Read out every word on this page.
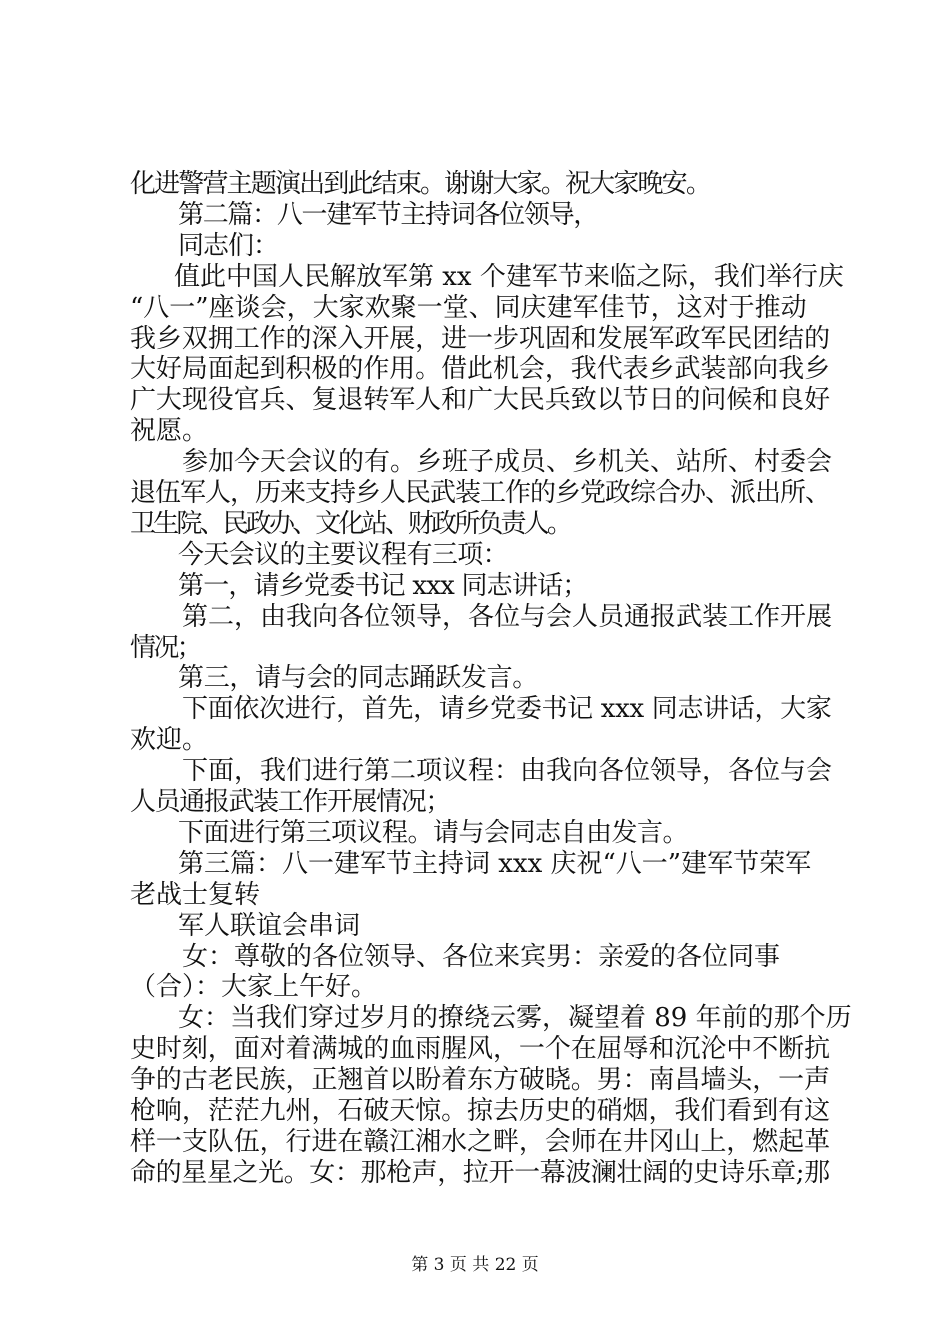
化进警营主题演出到此结束。谢谢大家。祝大家晚安。
第二篇：八一建军节主持词各位领导，
同志们：
值此中国人民解放军第 xx 个建军节来临之际，我们举行庆
“八一”座谈会，大家欢聚一堂、同庆建军佳节，这对于推动
我乡双拥工作的深入开展，进一步巩固和发展军政军民团结的
大好局面起到积极的作用。借此机会，我代表乡武装部向我乡
广大现役官兵、复退转军人和广大民兵致以节日的问候和良好
祝愿。
参加今天会议的有。乡班子成员、乡机关、站所、村委会
退伍军人，历来支持乡人民武装工作的乡党政综合办、派出所、
卫生院、民政办、文化站、财政所负责人。
今天会议的主要议程有三项：
第一，请乡党委书记 xxx 同志讲话；
第二，由我向各位领导，各位与会人员通报武装工作开展
情况；
第三，请与会的同志踊跃发言。
下面依次进行，首先，请乡党委书记 xxx 同志讲话，大家
欢迎。
下面，我们进行第二项议程：由我向各位领导，各位与会
人员通报武装工作开展情况；
下面进行第三项议程。请与会同志自由发言。
第三篇：八一建军节主持词 xxx 庆祝“八一”建军节荣军
老战士复转
军人联谊会串词
女：尊敬的各位领导、各位来宾男：亲爱的各位同事
（合）：大家上午好。
女：当我们穿过岁月的撩绕云雾，凝望着 89 年前的那个历
史时刻，面对着满城的血雨腥风，一个在屈辱和沉沦中不断抗
争的古老民族，正翘首以盼着东方破晓。男：南昌墙头，一声
枪响，茫茫九州，石破天惊。掠去历史的硝烟，我们看到有这
样一支队伍，行进在赣江湘水之畔，会师在井冈山上，燃起革
命的星星之光。女：那枪声，拉开一幕波澜壮阔的史诗乐章;那
第 3 页 共 22 页
